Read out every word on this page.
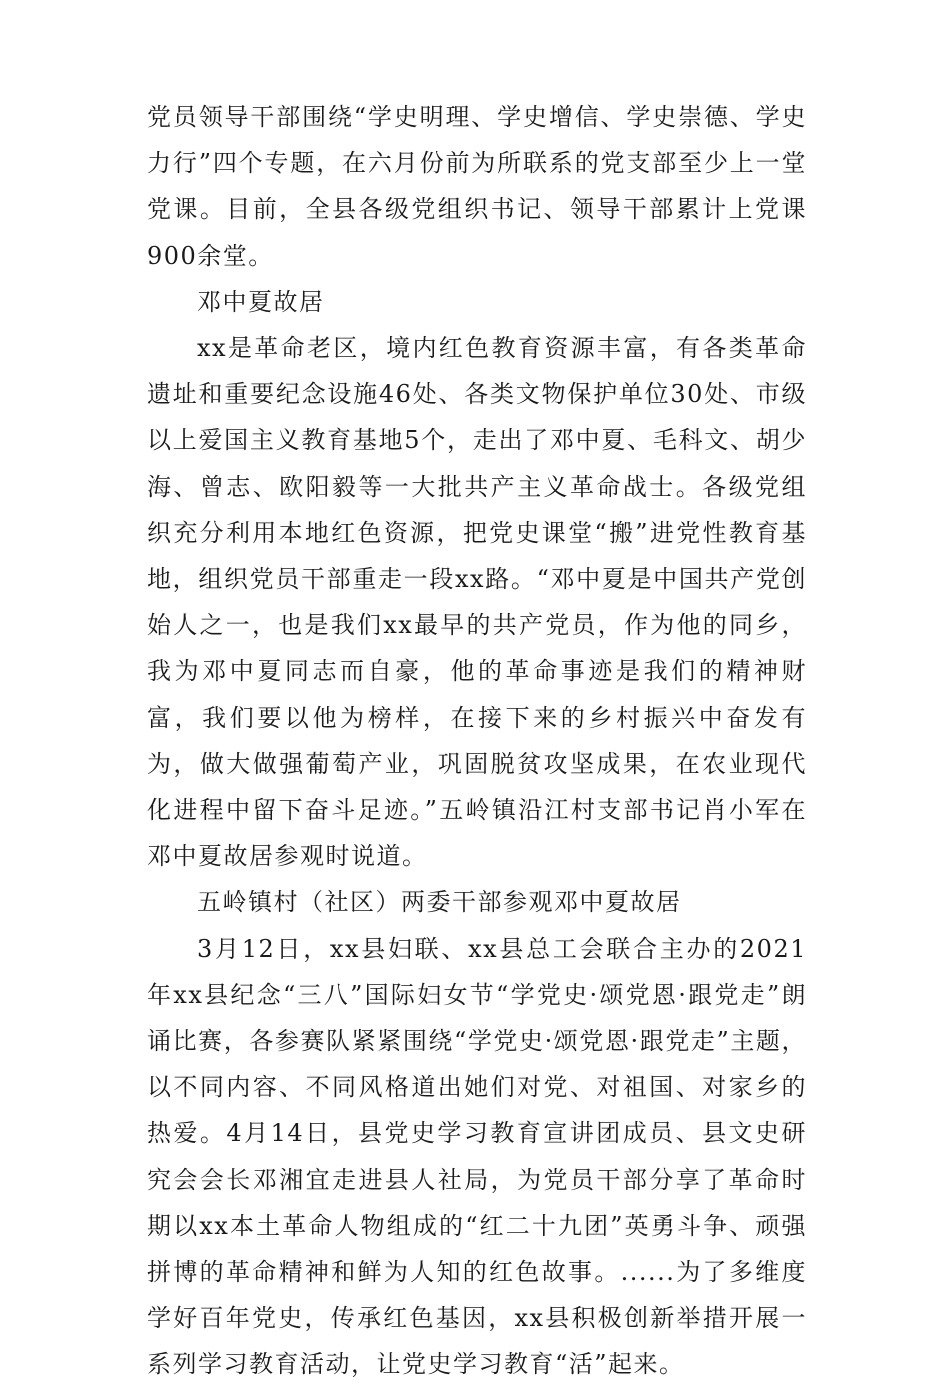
党员领导干部围绕“学史明理、学史增信、学史崇德、学史力行”四个专题，在六月份前为所联系的党支部至少上一堂党课。目前，全县各级党组织书记、领导干部累计上党课900余堂。

邓中夏故居

xx是革命老区，境内红色教育资源丰富，有各类革命遗址和重要纪念设施46处、各类文物保护单位30处、市级以上爱国主义教育基地5个，走出了邓中夏、毛科文、胡少海、曾志、欧阳毅等一大批共产主义革命战士。各级党组织充分利用本地红色资源，把党史课堂“搬”进党性教育基地，组织党员干部重走一段xx路。“邓中夏是中国共产党创始人之一，也是我们xx最早的共产党员，作为他的同乡，我为邓中夏同志而自豪，他的革命事迹是我们的精神财富，我们要以他为榜样，在接下来的乡村振兴中奋发有为，做大做强葡萄产业，巩固脱贫攻坚成果，在农业现代化进程中留下奋斗足迹。”五岭镇沿江村支部书记肖小军在邓中夏故居参观时说道。

五岭镇村（社区）两委干部参观邓中夏故居

3月12日，xx县妇联、xx县总工会联合主办的2021年xx县纪念“三八”国际妇女节“学党史·颂党恩·跟党走”朗诵比赛，各参赛队紧紧围绕“学党史·颂党恩·跟党走”主题，以不同内容、不同风格道出她们对党、对祖国、对家乡的热爱。4月14日，县党史学习教育宣讲团成员、县文史研究会会长邓湘宜走进县人社局，为党员干部分享了革命时期以xx本土革命人物组成的“红二十九团”英勇斗争、顽强拼博的革命精神和鲜为人知的红色故事。......为了多维度学好百年党史，传承红色基因，xx县积极创新举措开展一系列学习教育活动，让党史学习教育“活”起来。
